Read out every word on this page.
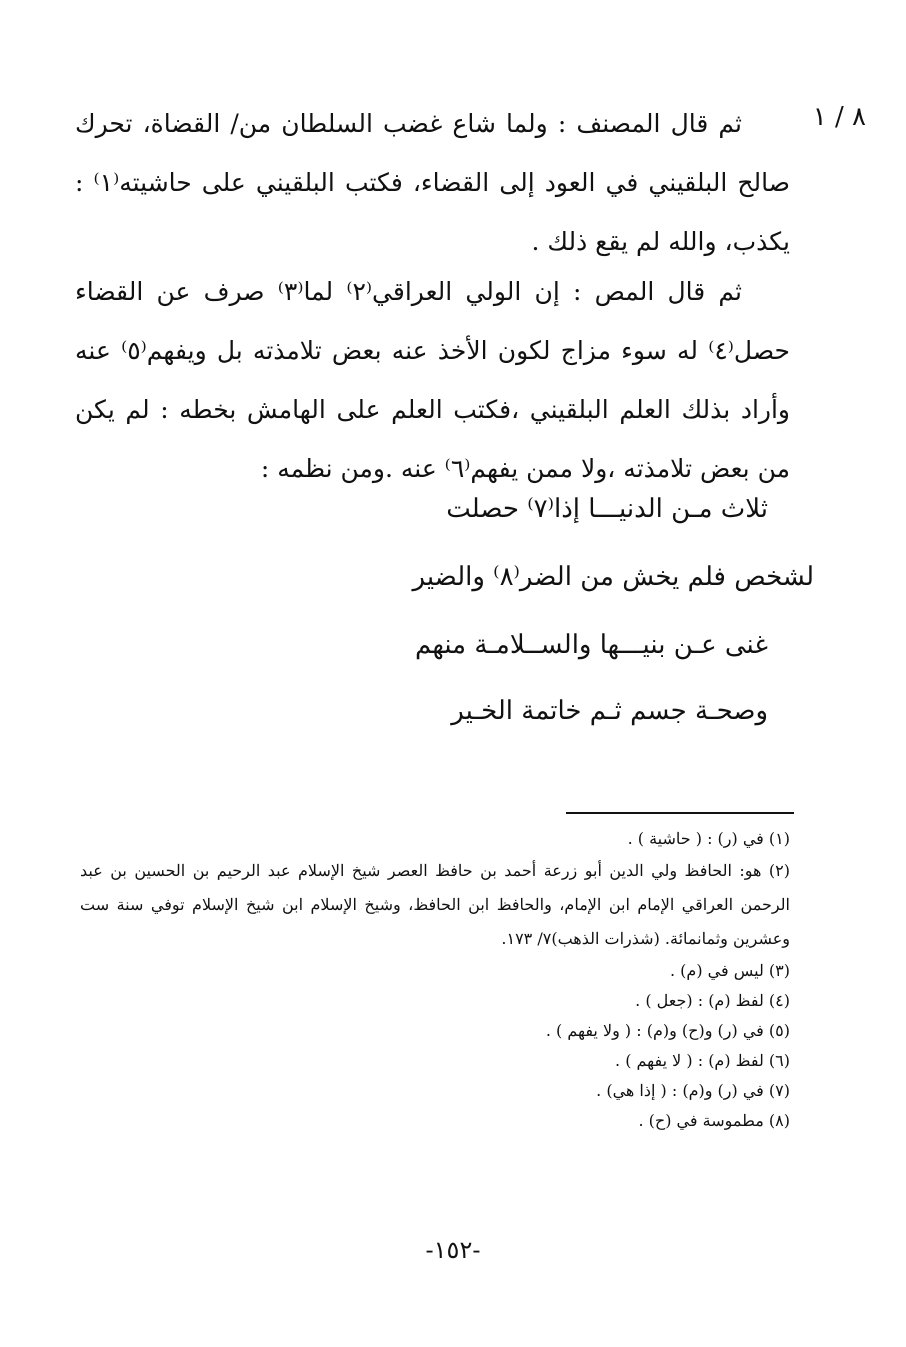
٨ / ١

ثم قال المصنف : ولما شاع غضب السلطان من/ القضاة، تحرك صالح البلقيني في العود إلى القضاء، فكتب البلقيني على حاشيته⁽١⁾ : يكذب، والله لم يقع ذلك .

ثم قال المص : إن الولي العراقي⁽٢⁾ لما⁽٣⁾ صرف عن القضاء حصل⁽٤⁾ له سوء مزاج لكون الأخذ عنه بعض تلامذته بل ويفهم⁽٥⁾ عنه وأراد بذلك العلم البلقيني ،فكتب العلم على الهامش بخطه : لم يكن من بعض تلامذته ،ولا ممن يفهم⁽٦⁾ عنه .ومن نظمه :

ثلاث مـن الدنيـــا إذا⁽٧⁾ حصلت
لشخص فلم يخش من الضر⁽٨⁾ والضير
غنى عـن بنيـــها والســلامـة منهم
وصحـة جسم ثـم خاتمة الخـير
(١) في (ر) : ( حاشية ) .
(٢) هو: الحافظ ولي الدين أبو زرعة أحمد بن حافظ العصر شيخ الإسلام عبد الرحيم بن الحسين بن عبد الرحمن العراقي الإمام ابن الإمام، والحافظ ابن الحافظ، وشيخ الإسلام ابن شيخ الإسلام توفي سنة ست وعشرين وثمانمائة. (شذرات الذهب)٧/ ١٧٣.
(٣) ليس في (م) .
(٤) لفظ (م) : (جعل ) .
(٥) في (ر) و(ح) و(م) : ( ولا يفهم ) .
(٦) لفظ (م) : ( لا يفهم ) .
(٧) في (ر) و(م) : ( إذا هي) .
(٨) مطموسة في (ح) .
-١٥٢-
